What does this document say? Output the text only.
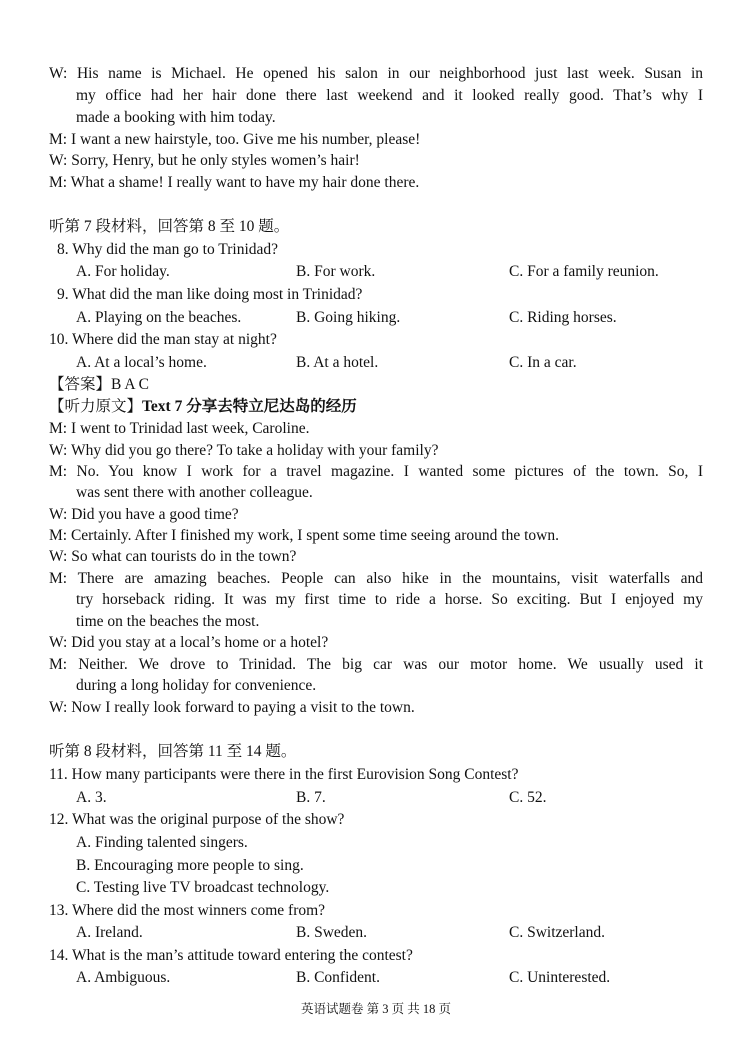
W: His name is Michael. He opened his salon in our neighborhood just last week. Susan in
my office had her hair done there last weekend and it looked really good. That’s why I
made a booking with him today.
M: I want a new hairstyle, too. Give me his number, please!
W: Sorry, Henry, but he only styles women’s hair!
M: What a shame! I really want to have my hair done there.
听第 7 段材料，回答第 8 至 10 题。
8. Why did the man go to Trinidad?
A. For holiday.	B. For work.	C. For a family reunion.
9. What did the man like doing most in Trinidad?
A. Playing on the beaches.	B. Going hiking.	C. Riding horses.
10. Where did the man stay at night?
A. At a local’s home.	B. At a hotel.	C. In a car.
【答案】B A C
【听力原文】Text 7 分享去特立尼达岛的经历
M: I went to Trinidad last week, Caroline.
W: Why did you go there? To take a holiday with your family?
M: No. You know I work for a travel magazine. I wanted some pictures of the town. So, I
was sent there with another colleague.
W: Did you have a good time?
M: Certainly. After I finished my work, I spent some time seeing around the town.
W: So what can tourists do in the town?
M: There are amazing beaches. People can also hike in the mountains, visit waterfalls and
try horseback riding. It was my first time to ride a horse. So exciting. But I enjoyed my
time on the beaches the most.
W: Did you stay at a local’s home or a hotel?
M: Neither. We drove to Trinidad. The big car was our motor home. We usually used it
during a long holiday for convenience.
W: Now I really look forward to paying a visit to the town.
听第 8 段材料，回答第 11 至 14 题。
11. How many participants were there in the first Eurovision Song Contest?
A. 3.	B. 7.	C. 52.
12. What was the original purpose of the show?
A. Finding talented singers.
B. Encouraging more people to sing.
C. Testing live TV broadcast technology.
13. Where did the most winners come from?
A. Ireland.	B. Sweden.	C. Switzerland.
14. What is the man’s attitude toward entering the contest?
A. Ambiguous.	B. Confident.	C. Uninterested.
英语试题卷 第 3 页 共 18 页
